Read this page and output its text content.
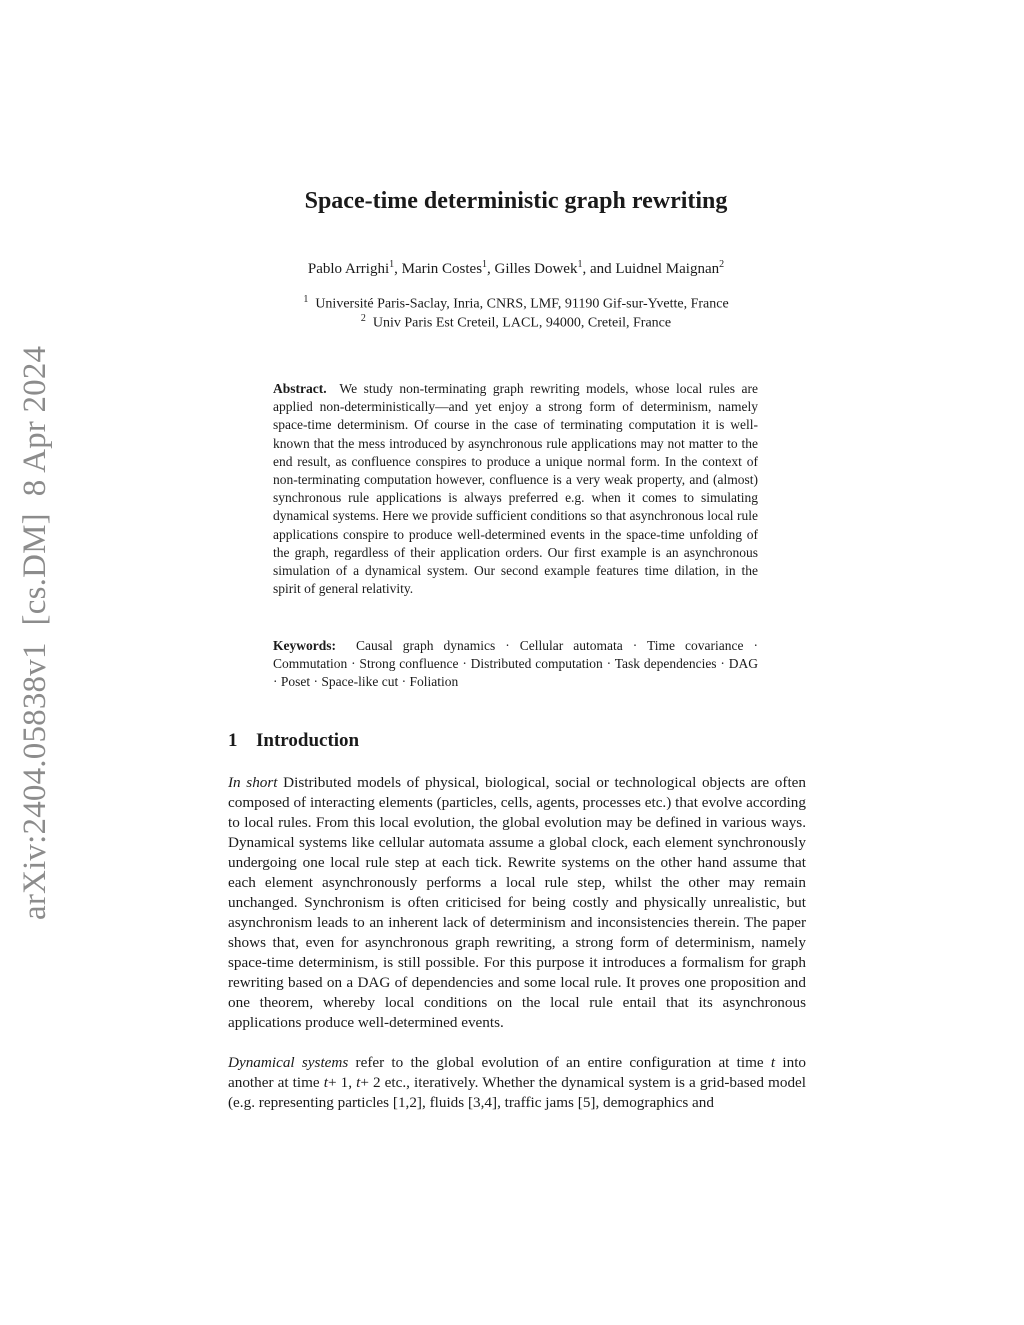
arXiv:2404.05838v1  [cs.DM]  8 Apr 2024
Space-time deterministic graph rewriting
Pablo Arrighi$^1$, Marin Costes$^1$, Gilles Dowek$^1$, and Luidnel Maignan$^2$
$^1$ Université Paris-Saclay, Inria, CNRS, LMF, 91190 Gif-sur-Yvette, France
$^2$ Univ Paris Est Creteil, LACL, 94000, Creteil, France

Abstract. We study non-terminating graph rewriting models, whose local rules are applied non-deterministically—and yet enjoy a strong form of determinism, namely space-time determinism. Of course in the case of terminating computation it is well-known that the mess introduced by asynchronous rule applications may not matter to the end result, as confluence conspires to produce a unique normal form. In the context of non-terminating computation however, confluence is a very weak property, and (almost) synchronous rule applications is always preferred e.g. when it comes to simulating dynamical systems. Here we provide sufficient conditions so that asynchronous local rule applications conspire to produce well-determined events in the space-time unfolding of the graph, regardless of their application orders. Our first example is an asynchronous simulation of a dynamical system. Our second example features time dilation, in the spirit of general relativity.

Keywords: Causal graph dynamics · Cellular automata · Time covariance · Commutation · Strong confluence · Distributed computation · Task dependencies · DAG · Poset · Space-like cut · Foliation

1 Introduction

In short Distributed models of physical, biological, social or technological objects are often composed of interacting elements (particles, cells, agents, processes etc.) that evolve according to local rules. From this local evolution, the global evolution may be defined in various ways. Dynamical systems like cellular automata assume a global clock, each element synchronously undergoing one local rule step at each tick. Rewrite systems on the other hand assume that each element asynchronously performs a local rule step, whilst the other may remain unchanged. Synchronism is often criticised for being costly and physically unrealistic, but asynchronism leads to an inherent lack of determinism and inconsistencies therein. The paper shows that, even for asynchronous graph rewriting, a strong form of determinism, namely space-time determinism, is still possible. For this purpose it introduces a formalism for graph rewriting based on a DAG of dependencies and some local rule. It proves one proposition and one theorem, whereby local conditions on the local rule entail that its asynchronous applications produce well-determined events.

Dynamical systems refer to the global evolution of an entire configuration at time t into another at time t+ 1, t+ 2 etc., iteratively. Whether the dynamical system is a grid-based model (e.g. representing particles [1,2], fluids [3,4], traffic jams [5], demographics and
